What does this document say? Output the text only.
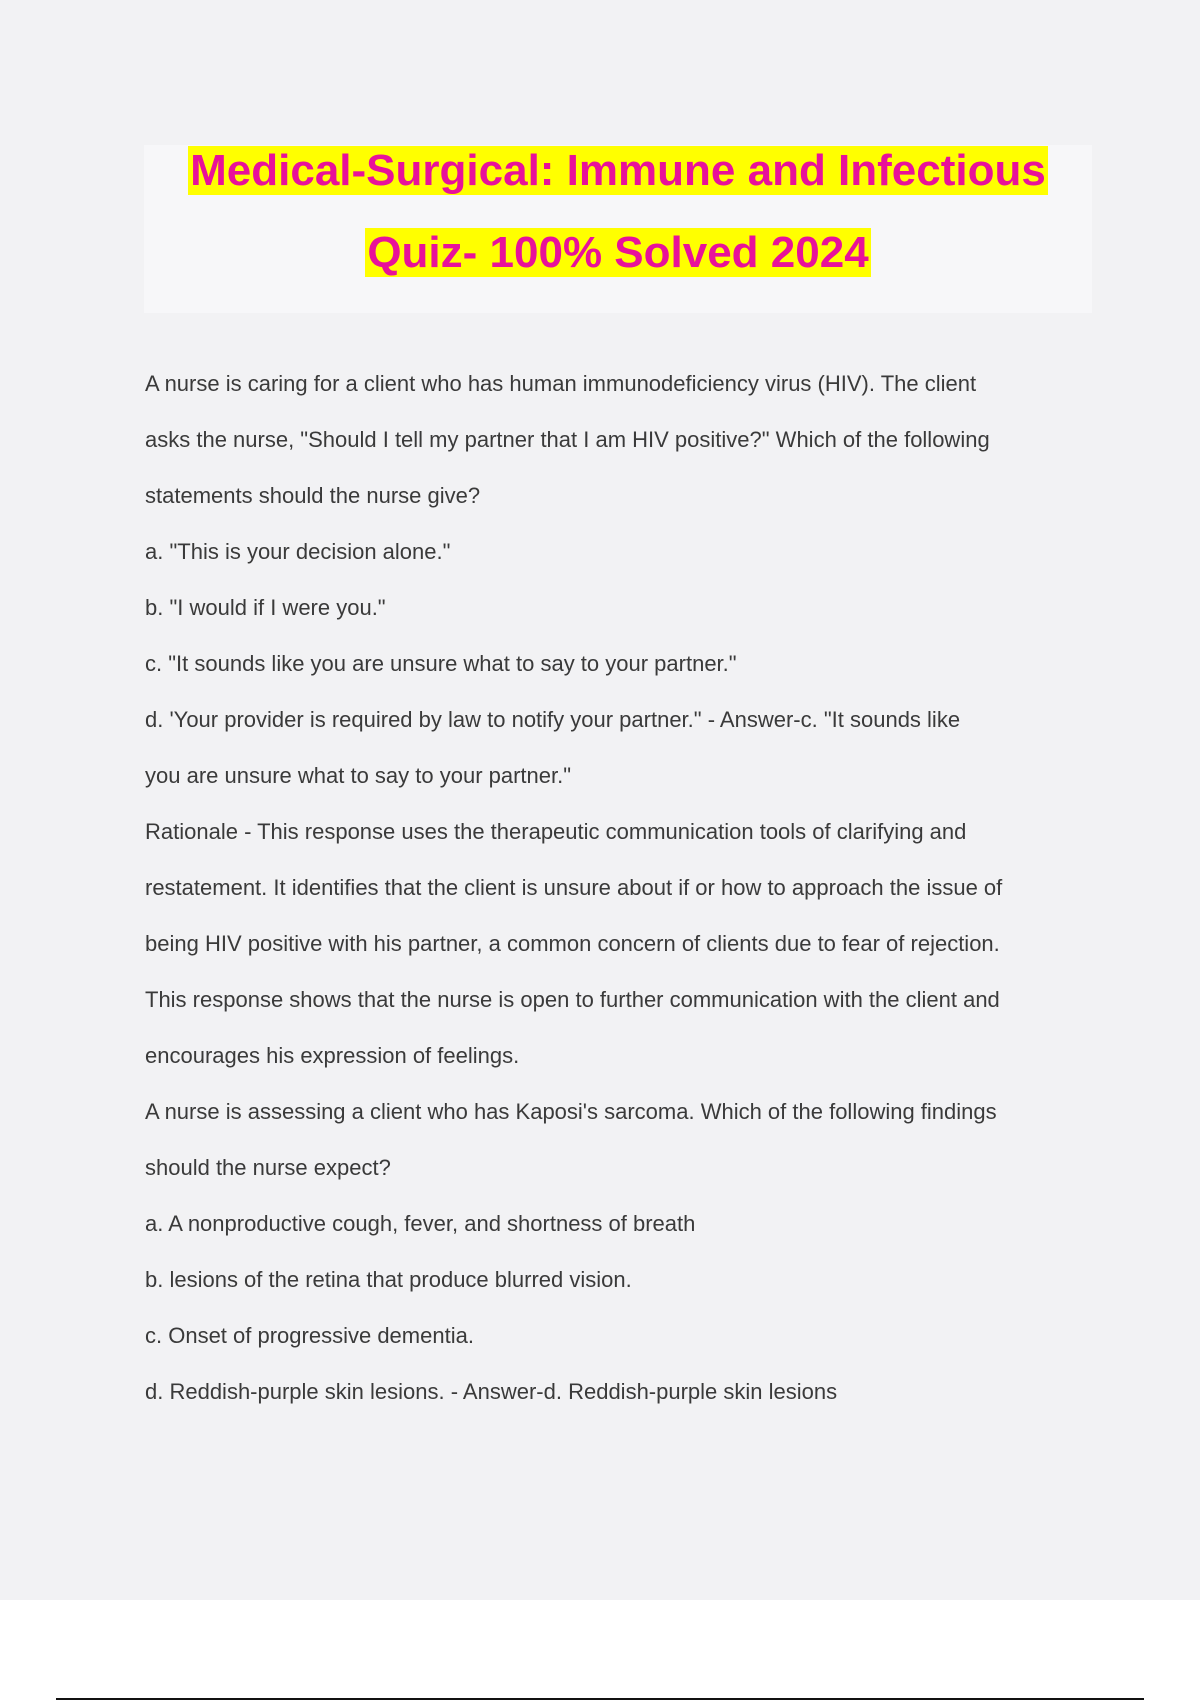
Medical-Surgical: Immune and Infectious
Quiz- 100% Solved 2024
A nurse is caring for a client who has human immunodeficiency virus (HIV). The client
asks the nurse, "Should I tell my partner that I am HIV positive?" Which of the following
statements should the nurse give?
a. "This is your decision alone."
b. "I would if I were you."
c. "It sounds like you are unsure what to say to your partner."
d. 'Your provider is required by law to notify your partner." - Answer-c. "It sounds like
you are unsure what to say to your partner."
Rationale - This response uses the therapeutic communication tools of clarifying and
restatement. It identifies that the client is unsure about if or how to approach the issue of
being HIV positive with his partner, a common concern of clients due to fear of rejection.
This response shows that the nurse is open to further communication with the client and
encourages his expression of feelings.
A nurse is assessing a client who has Kaposi's sarcoma. Which of the following findings
should the nurse expect?
a. A nonproductive cough, fever, and shortness of breath
b. lesions of the retina that produce blurred vision.
c. Onset of progressive dementia.
d. Reddish-purple skin lesions. - Answer-d. Reddish-purple skin lesions
